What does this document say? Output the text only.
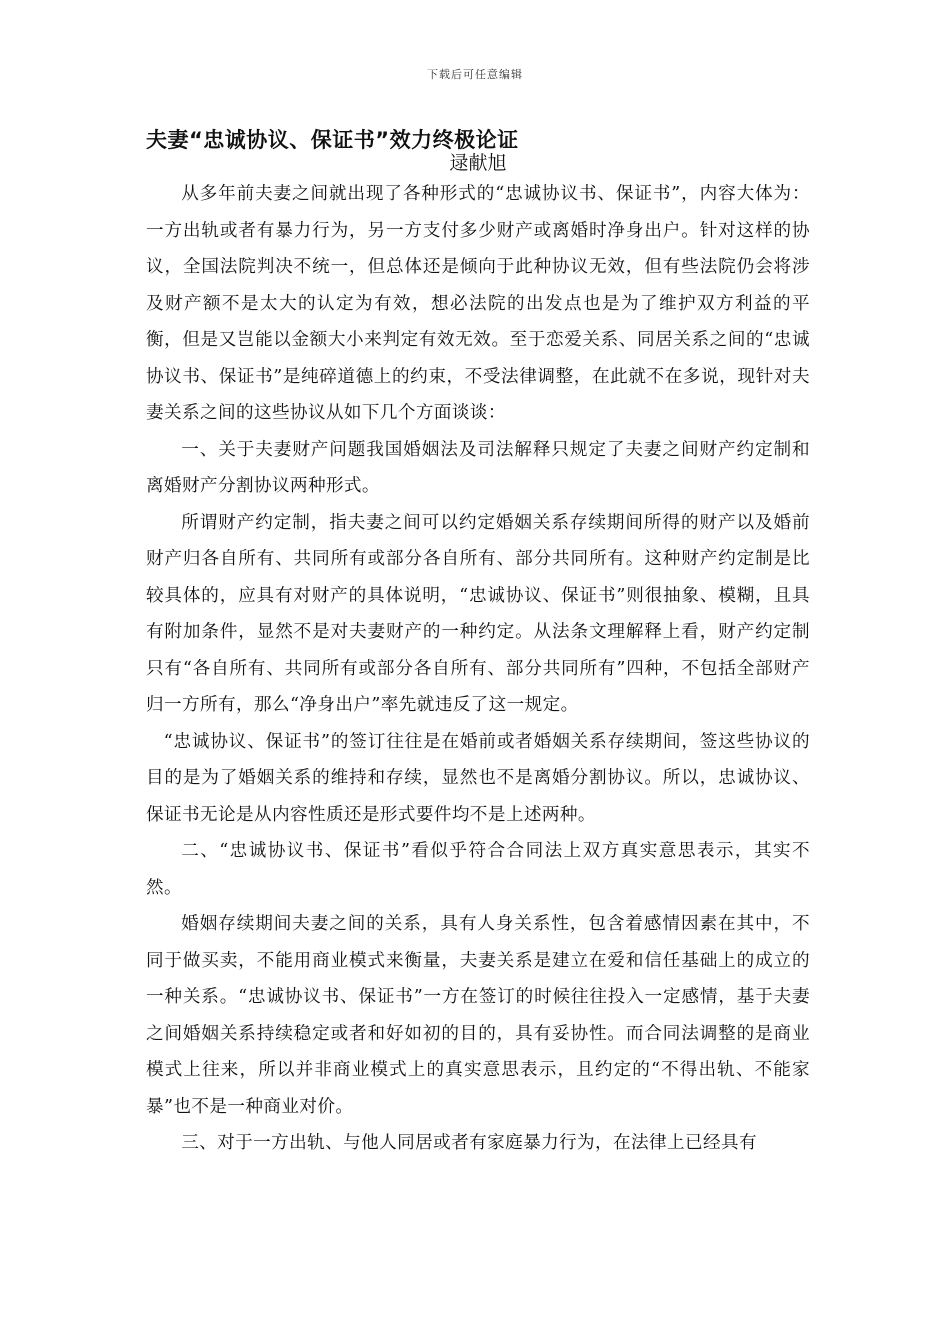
下载后可任意编辑
夫妻“忠诚协议、保证书”效力终极论证
逯献旭

从多年前夫妻之间就出现了各种形式的“忠诚协议书、保证书”，内容大体为：一方出轨或者有暴力行为，另一方支付多少财产或离婚时净身出户。针对这样的协议，全国法院判决不统一，但总体还是倾向于此种协议无效，但有些法院仍会将涉及财产额不是太大的认定为有效，想必法院的出发点也是为了维护双方利益的平衡，但是又岂能以金额大小来判定有效无效。至于恋爱关系、同居关系之间的“忠诚协议书、保证书”是纯碎道德上的约束，不受法律调整，在此就不在多说，现针对夫妻关系之间的这些协议从如下几个方面谈谈：

一、关于夫妻财产问题我国婚姻法及司法解释只规定了夫妻之间财产约定制和离婚财产分割协议两种形式。

所谓财产约定制，指夫妻之间可以约定婚姻关系存续期间所得的财产以及婚前财产归各自所有、共同所有或部分各自所有、部分共同所有。这种财产约定制是比较具体的，应具有对财产的具体说明，“忠诚协议、保证书”则很抽象、模糊，且具有附加条件，显然不是对夫妻财产的一种约定。从法条文理解释上看，财产约定制只有“各自所有、共同所有或部分各自所有、部分共同所有”四种，不包括全部财产归一方所有，那么“净身出户”率先就违反了这一规定。

“忠诚协议、保证书”的签订往往是在婚前或者婚姻关系存续期间，签这些协议的目的是为了婚姻关系的维持和存续，显然也不是离婚分割协议。所以，忠诚协议、保证书无论是从内容性质还是形式要件均不是上述两种。

二、“忠诚协议书、保证书”看似乎符合合同法上双方真实意思表示，其实不然。

婚姻存续期间夫妻之间的关系，具有人身关系性，包含着感情因素在其中，不同于做买卖，不能用商业模式来衡量，夫妻关系是建立在爱和信任基础上的成立的一种关系。“忠诚协议书、保证书”一方在签订的时候往往投入一定感情，基于夫妻之间婚姻关系持续稳定或者和好如初的目的，具有妥协性。而合同法调整的是商业模式上往来，所以并非商业模式上的真实意思表示，且约定的“不得出轨、不能家暴”也不是一种商业对价。

三、对于一方出轨、与他人同居或者有家庭暴力行为，在法律上已经具有
